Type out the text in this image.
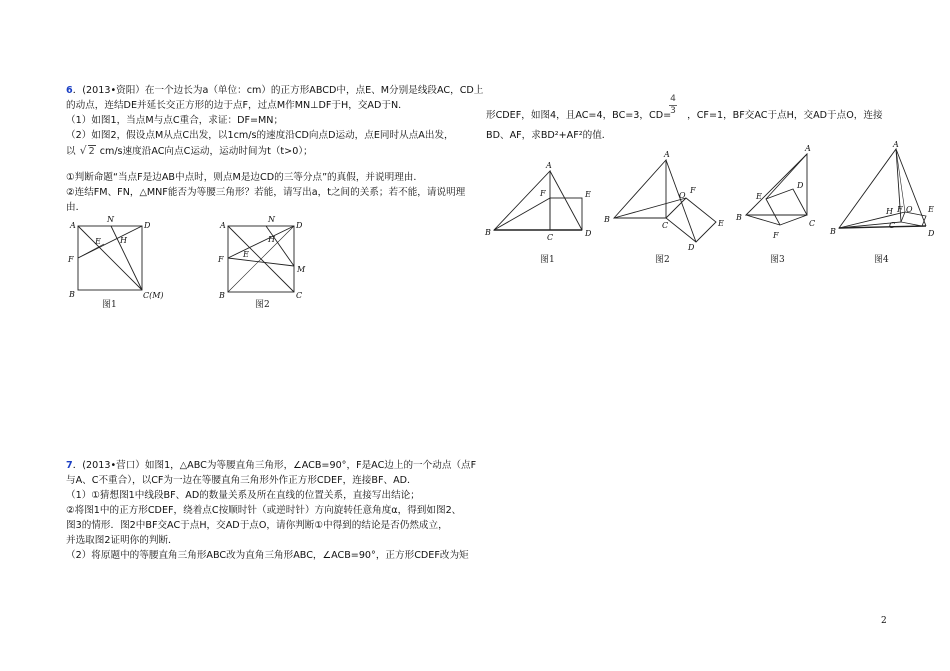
6．(2013•资阳）在一个边长为a（单位：cm）的正方形ABCD中，点E、M分别是线段AC，CD上
的动点，连结DE并延长交正方形的边于点F，过点M作MN⊥DF于H，交AD于N．
（1）如图1，当点M与点C重合，求证：DF=MN；
（2）如图2，假设点M从点C出发，以1cm/s的速度沿CD向点D运动，点E同时从点A出发，
以√ 2 cm/s速度沿AC向点C运动，运动时间为t（t>0）；
①判断命题“当点F是边AB中点时，则点M是边CD的三等分点”的真假，并说明理由．
②连结FM、FN，△MNF能否为等腰三角形？若能，请写出a，t之间的关系；若不能，请说明理
由．
7．(2013•营口）如图1，△ABC为等腰直角三角形，∠ACB=90°，F是AC边上的一个动点（点F
与A、C不重合），以CF为一边在等腰直角三角形外作正方形CDEF，连接BF、AD．
（1）①猜想图1中线段BF、AD的数量关系及所在直线的位置关系，直接写出结论；
②将图1中的正方形CDEF，绕着点C按顺时针（或逆时针）方向旋转任意角度α，得到如图2、
图3的情形．图2中BF交AC于点H，交AD于点O，请你判断①中得到的结论是否仍然成立，
并选取图2证明你的判断．
（2）将原题中的等腰直角三角形ABC改为直角三角形ABC，∠ACB=90°，正方形CDEF改为矩
形CDEF，如图4，且AC=4，BC=3，CD= ，CF=1，BF交AC于点H，交AD于点O，连接
4
3
BD、AF，求BD²+AF²的值．
2
A
N
D
E H
F
B	C(M)
图1
A
N
D
H
E
F
M
B	C
图2
A
F	E
B
C	D
图1
A
O
F
E
B
C
D
图2
A
D
E
B
C
F
图3
A
H F O E
B
C
D
图4
